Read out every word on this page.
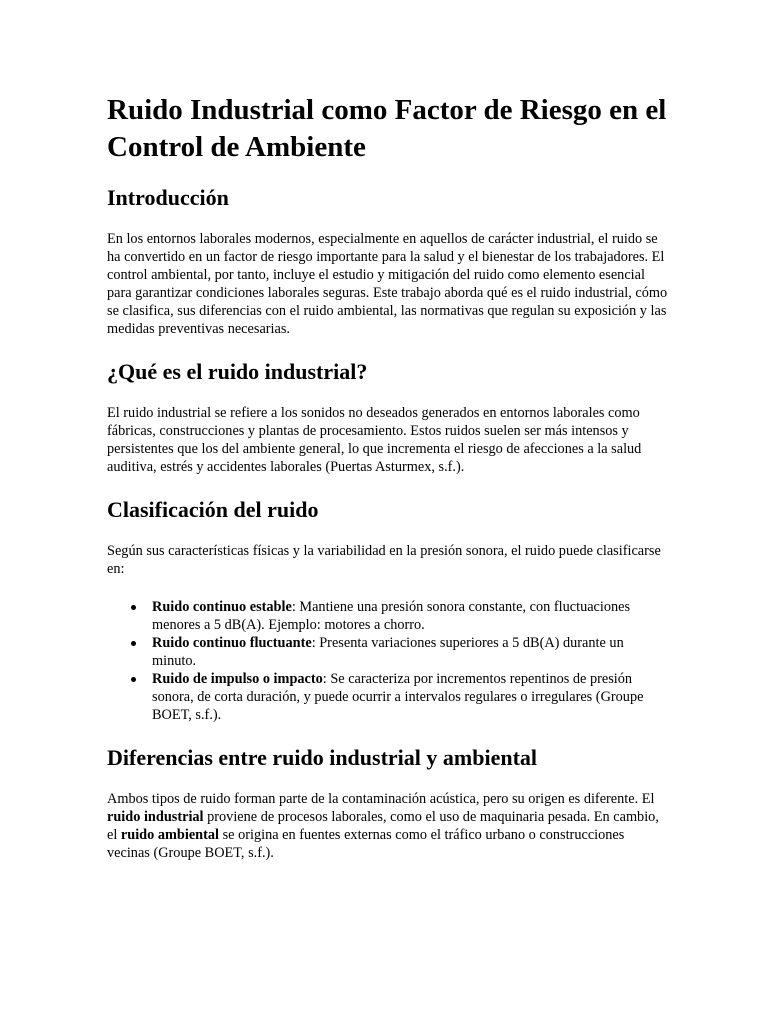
Ruido Industrial como Factor de Riesgo en el Control de Ambiente
Introducción

En los entornos laborales modernos, especialmente en aquellos de carácter industrial, el ruido se ha convertido en un factor de riesgo importante para la salud y el bienestar de los trabajadores. El control ambiental, por tanto, incluye el estudio y mitigación del ruido como elemento esencial para garantizar condiciones laborales seguras. Este trabajo aborda qué es el ruido industrial, cómo se clasifica, sus diferencias con el ruido ambiental, las normativas que regulan su exposición y las medidas preventivas necesarias.

¿Qué es el ruido industrial?

El ruido industrial se refiere a los sonidos no deseados generados en entornos laborales como fábricas, construcciones y plantas de procesamiento. Estos ruidos suelen ser más intensos y persistentes que los del ambiente general, lo que incrementa el riesgo de afecciones a la salud auditiva, estrés y accidentes laborales (Puertas Asturmex, s.f.).

Clasificación del ruido

Según sus características físicas y la variabilidad en la presión sonora, el ruido puede clasificarse en:

Ruido continuo estable: Mantiene una presión sonora constante, con fluctuaciones menores a 5 dB(A). Ejemplo: motores a chorro.
Ruido continuo fluctuante: Presenta variaciones superiores a 5 dB(A) durante un minuto.
Ruido de impulso o impacto: Se caracteriza por incrementos repentinos de presión sonora, de corta duración, y puede ocurrir a intervalos regulares o irregulares (Groupe BOET, s.f.).
Diferencias entre ruido industrial y ambiental

Ambos tipos de ruido forman parte de la contaminación acústica, pero su origen es diferente. El ruido industrial proviene de procesos laborales, como el uso de maquinaria pesada. En cambio, el ruido ambiental se origina en fuentes externas como el tráfico urbano o construcciones vecinas (Groupe BOET, s.f.).
